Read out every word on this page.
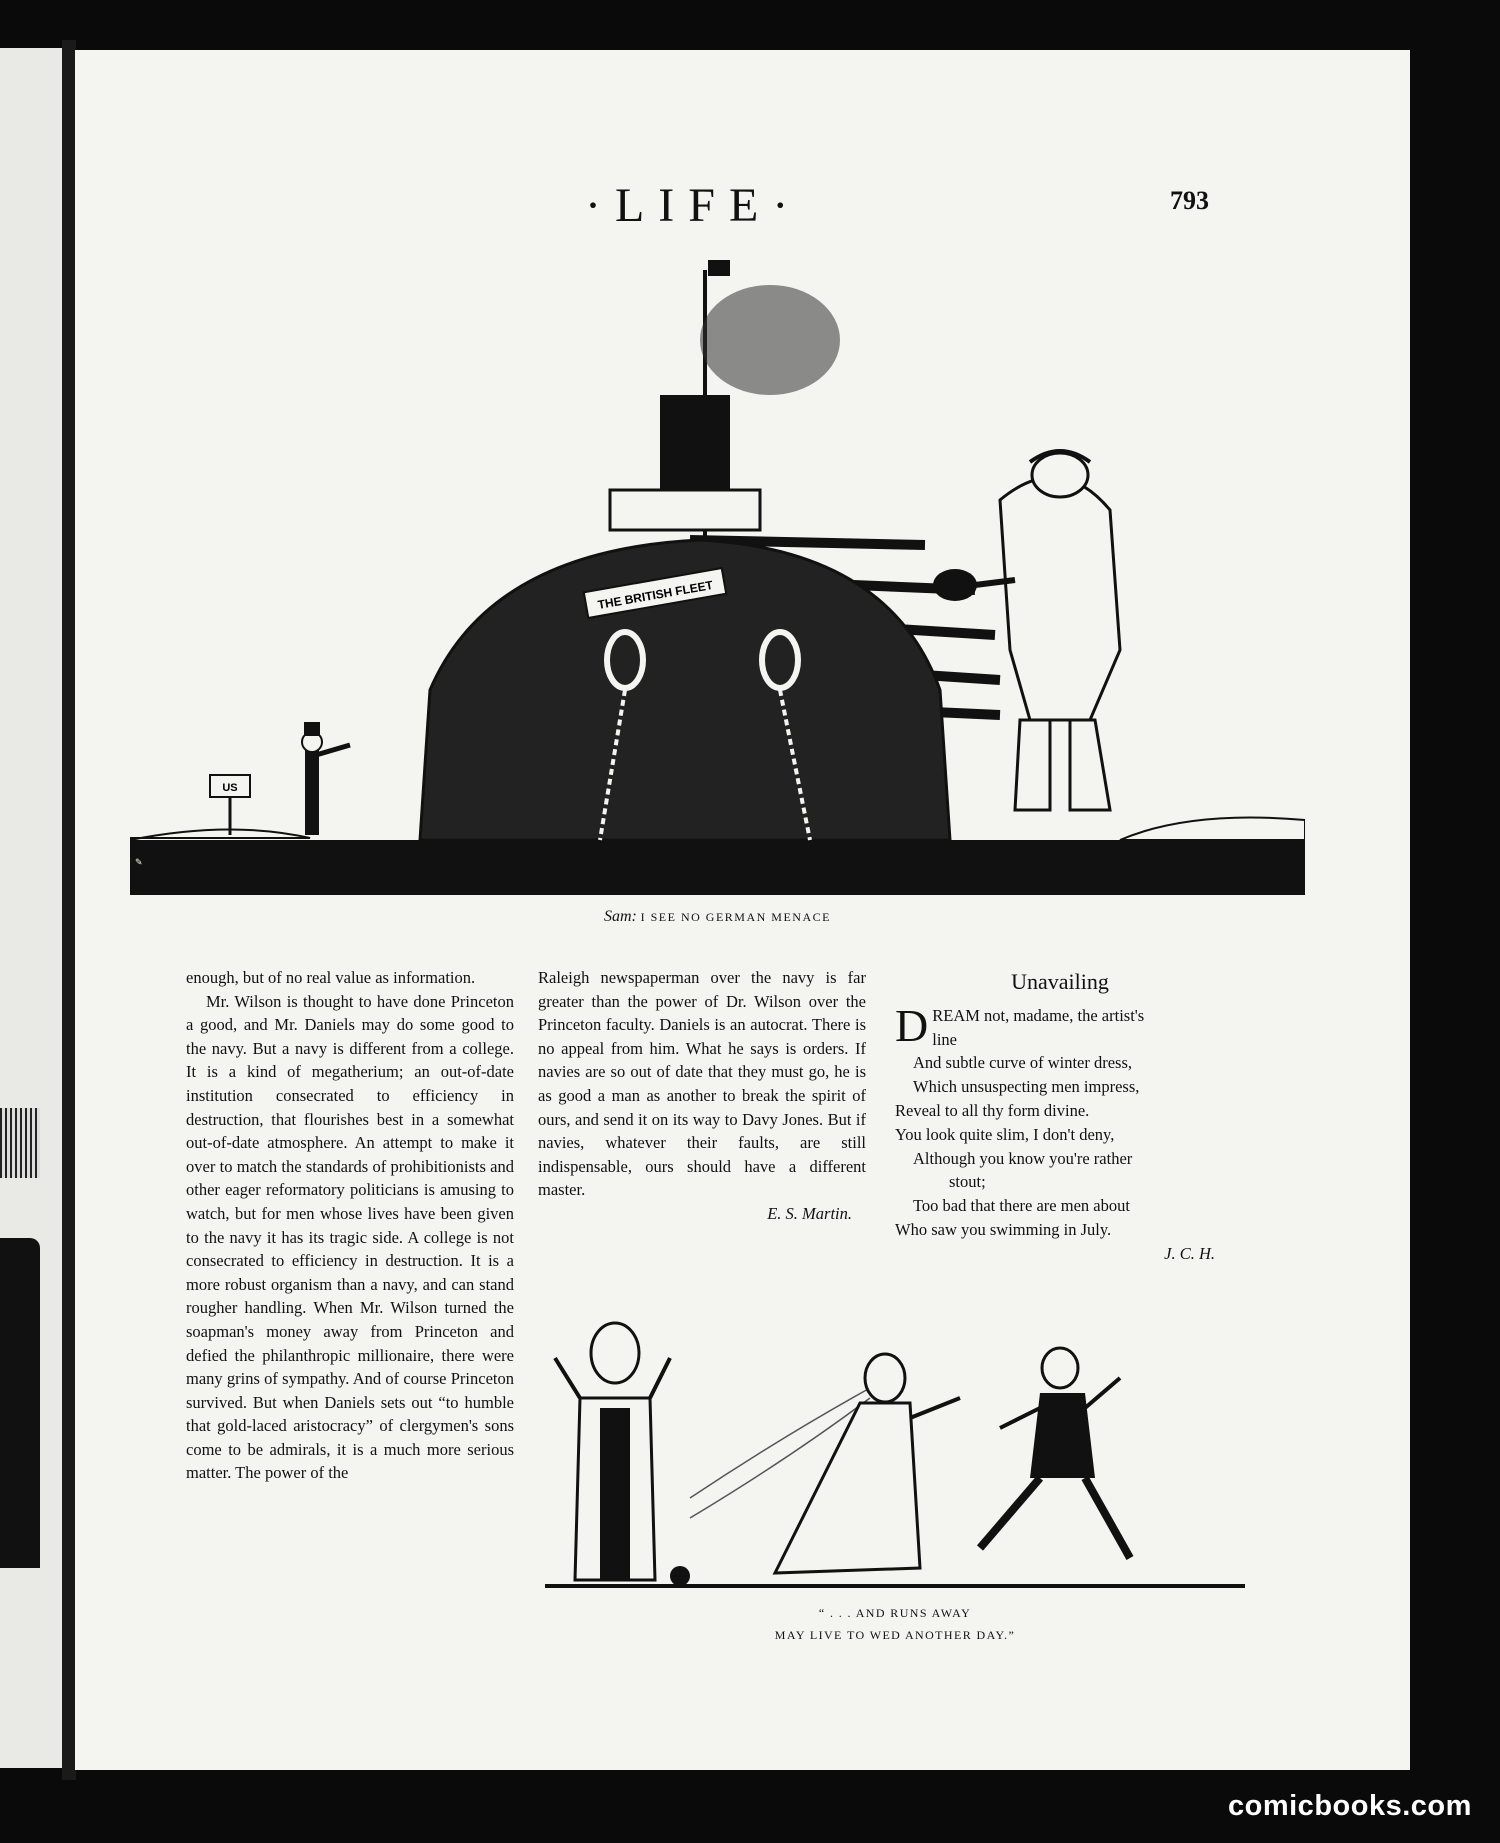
·LIFE·	793
US
THE BRITISH FLEET
✎
Sam: I SEE NO GERMAN MENACE

enough, but of no real value as information.

Mr. Wilson is thought to have done Princeton a good, and Mr. Daniels may do some good to the navy. But a navy is different from a college. It is a kind of megatherium; an out-of-date institution consecrated to efficiency in destruction, that flourishes best in a somewhat out-of-date atmosphere. An attempt to make it over to match the standards of prohibitionists and other eager reformatory politicians is amusing to watch, but for men whose lives have been given to the navy it has its tragic side. A college is not consecrated to efficiency in destruction. It is a more robust organism than a navy, and can stand rougher handling. When Mr. Wilson turned the soapman's money away from Princeton and defied the philanthropic millionaire, there were many grins of sympathy. And of course Princeton survived. But when Daniels sets out “to humble that gold-laced aristocracy” of clergymen's sons come to be admirals, it is a much more serious matter. The power of the

Raleigh newspaperman over the navy is far greater than the power of Dr. Wilson over the Princeton faculty. Daniels is an autocrat. There is no appeal from him. What he says is orders. If navies are so out of date that they must go, he is as good a man as another to break the spirit of ours, and send it on its way to Davy Jones. But if navies, whatever their faults, are still indispensable, ours should have a different master.

E. S. Martin.
Unavailing
D REAM not, madame, the artist's
line
And subtle curve of winter dress,
Which unsuspecting men impress,
Reveal to all thy form divine.
You look quite slim, I don't deny,
Although you know you're rather
stout;
Too bad that there are men about
Who saw you swimming in July.
J. C. H.
“ . . . AND RUNS AWAY
MAY LIVE TO WED ANOTHER DAY.”
comicbooks.com
